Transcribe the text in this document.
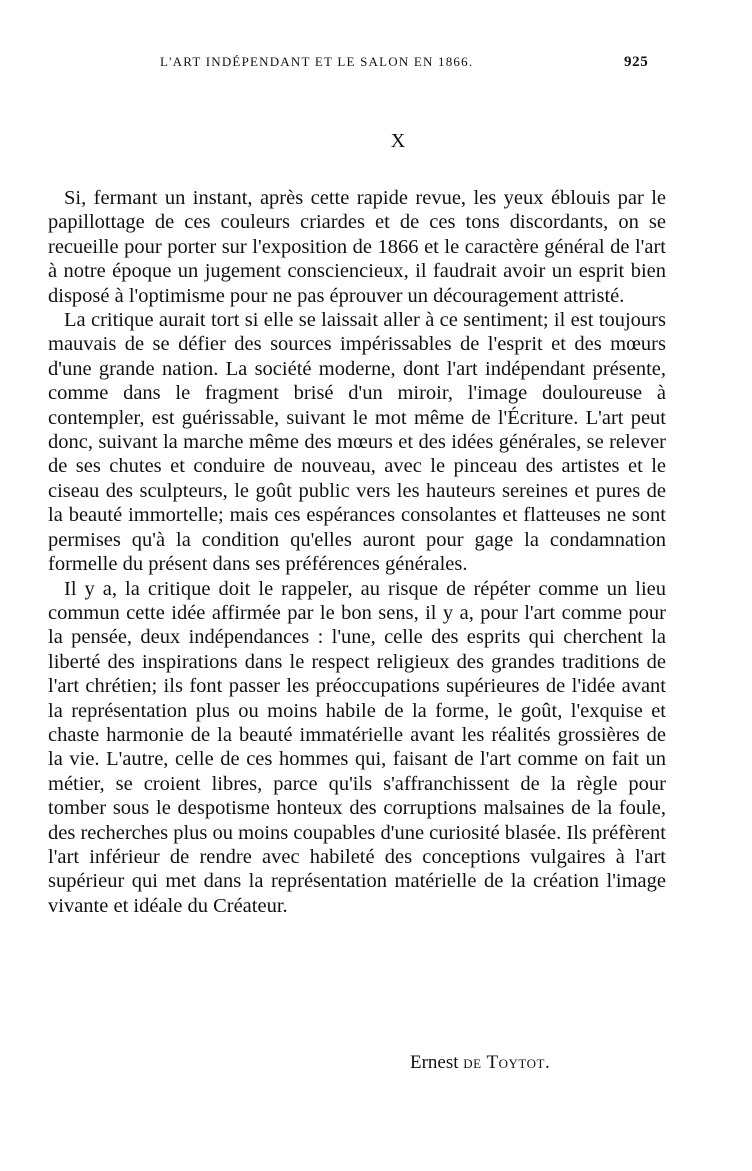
L'ART INDÉPENDANT ET LE SALON EN 1866.	925
X

Si, fermant un instant, après cette rapide revue, les yeux éblouis par le papillottage de ces couleurs criardes et de ces tons discordants, on se recueille pour porter sur l'exposition de 1866 et le caractère général de l'art à notre époque un jugement consciencieux, il faudrait avoir un esprit bien disposé à l'optimisme pour ne pas éprouver un découragement attristé.

La critique aurait tort si elle se laissait aller à ce sentiment; il est toujours mauvais de se défier des sources impérissables de l'esprit et des mœurs d'une grande nation. La société moderne, dont l'art indépendant présente, comme dans le fragment brisé d'un miroir, l'image douloureuse à contempler, est guérissable, suivant le mot même de l'Écriture. L'art peut donc, suivant la marche même des mœurs et des idées générales, se relever de ses chutes et conduire de nouveau, avec le pinceau des artistes et le ciseau des sculpteurs, le goût public vers les hauteurs sereines et pures de la beauté immortelle; mais ces espérances consolantes et flatteuses ne sont permises qu'à la condition qu'elles auront pour gage la condamnation formelle du présent dans ses préférences générales.

Il y a, la critique doit le rappeler, au risque de répéter comme un lieu commun cette idée affirmée par le bon sens, il y a, pour l'art comme pour la pensée, deux indépendances : l'une, celle des esprits qui cherchent la liberté des inspirations dans le respect religieux des grandes traditions de l'art chrétien; ils font passer les préoccupations supérieures de l'idée avant la représentation plus ou moins habile de la forme, le goût, l'exquise et chaste harmonie de la beauté immatérielle avant les réalités grossières de la vie. L'autre, celle de ces hommes qui, faisant de l'art comme on fait un métier, se croient libres, parce qu'ils s'affranchissent de la règle pour tomber sous le despotisme honteux des corruptions malsaines de la foule, des recherches plus ou moins coupables d'une curiosité blasée. Ils préfèrent l'art inférieur de rendre avec habileté des conceptions vulgaires à l'art supérieur qui met dans la représentation matérielle de la création l'image vivante et idéale du Créateur.

Ernest de Toytot.
